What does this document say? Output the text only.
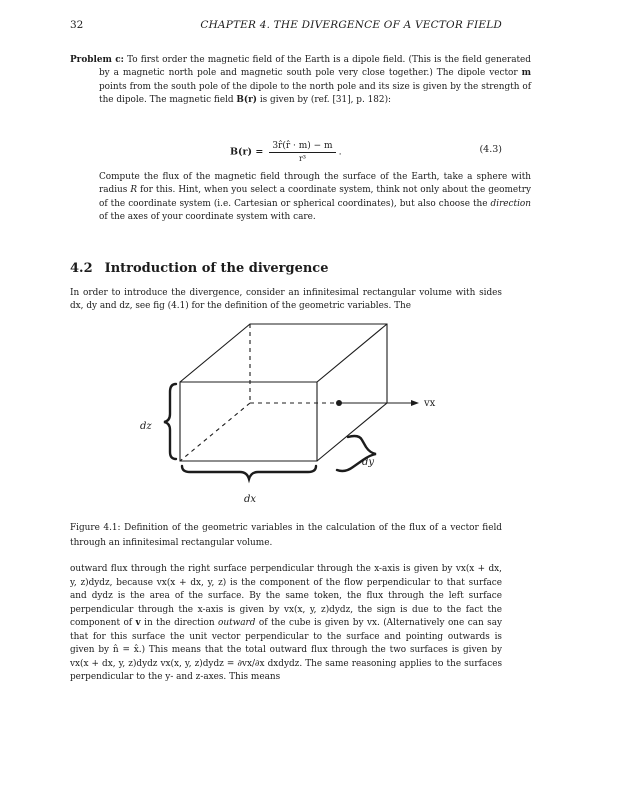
32	CHAPTER 4. THE DIVERGENCE OF A VECTOR FIELD
Problem c: To first order the magnetic field of the Earth is a dipole field. (This is the field generated by a magnetic north pole and magnetic south pole very close together.) The dipole vector m points from the south pole of the dipole to the north pole and its size is given by the strength of the dipole. The magnetic field B(r) is given by (ref. [31], p. 182):
$B(r) = \frac{3r̂(r̂ \cdot m) - m}{\text{r³}}$ .	(4.3)
Compute the flux of the magnetic field through the surface of the Earth, take a sphere with radius R for this. Hint, when you select a coordinate system, think not only about the geometry of the coordinate system (i.e. Cartesian or spherical coordinates), but also choose the direction of the axes of your coordinate system with care.
4.2 Introduction of the divergence
In order to introduce the divergence, consider an infinitesimal rectangular volume with sides dx, dy and dz, see fig (4.1) for the definition of the geometric variables. The
vx
dz
dy
dx
Figure 4.1: Definition of the geometric variables in the calculation of the flux of a vector field through an infinitesimal rectangular volume.
outward flux through the right surface perpendicular through the x-axis is given by vx(x + dx, y, z)dydz, because vx(x + dx, y, z) is the component of the flow perpendicular to that surface and dydz is the area of the surface. By the same token, the flux through the left surface perpendicular through the x-axis is given by vx(x, y, z)dydz, the sign is due to the fact the component of v in the direction outward of the cube is given by vx. (Alternatively one can say that for this surface the unit vector perpendicular to the surface and pointing outwards is given by n̂ = x̂.) This means that the total outward flux through the two surfaces is given by vx(x + dx, y, z)dydz vx(x, y, z)dydz = ∂vx/∂x dxdydz. The same reasoning applies to the surfaces perpendicular to the y- and z-axes. This means
